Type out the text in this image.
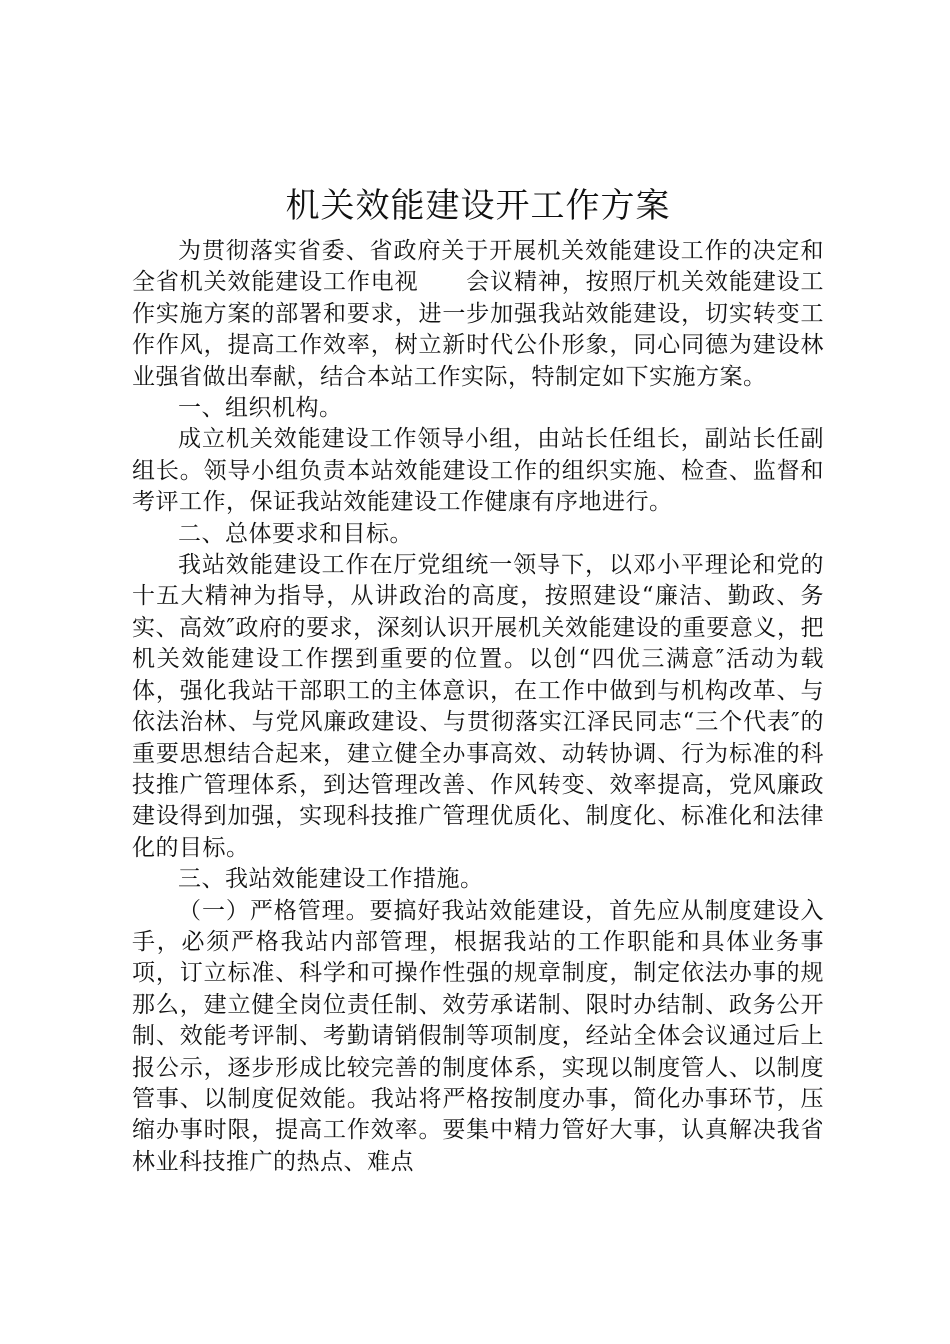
机关效能建设开工作方案

为贯彻落实省委、省政府关于开展机关效能建设工作的决定和全省机关效能建设工作电视　　会议精神，按照厅机关效能建设工作实施方案的部署和要求，进一步加强我站效能建设，切实转变工作作风，提高工作效率，树立新时代公仆形象，同心同德为建设林业强省做出奉献，结合本站工作实际，特制定如下实施方案。

一、组织机构。

成立机关效能建设工作领导小组，由站长任组长，副站长任副组长。领导小组负责本站效能建设工作的组织实施、检查、监督和考评工作，保证我站效能建设工作健康有序地进行。

二、总体要求和目标。

我站效能建设工作在厅党组统一领导下，以邓小平理论和党的十五大精神为指导，从讲政治的高度，按照建设“廉洁、勤政、务实、高效″政府的要求，深刻认识开展机关效能建设的重要意义，把机关效能建设工作摆到重要的位置。以创“四优三满意″活动为载体，强化我站干部职工的主体意识，在工作中做到与机构改革、与依法治林、与党风廉政建设、与贯彻落实江泽民同志“三个代表″的重要思想结合起来，建立健全办事高效、动转协调、行为标准的科技推广管理体系，到达管理改善、作风转变、效率提高，党风廉政建设得到加强，实现科技推广管理优质化、制度化、标准化和法律化的目标。

三、我站效能建设工作措施。

（一）严格管理。要搞好我站效能建设，首先应从制度建设入手，必须严格我站内部管理，根据我站的工作职能和具体业务事项，订立标准、科学和可操作性强的规章制度，制定依法办事的规那么，建立健全岗位责任制、效劳承诺制、限时办结制、政务公开制、效能考评制、考勤请销假制等项制度，经站全体会议通过后上报公示，逐步形成比较完善的制度体系，实现以制度管人、以制度管事、以制度促效能。我站将严格按制度办事，简化办事环节，压缩办事时限，提高工作效率。要集中精力管好大事，认真解决我省林业科技推广的热点、难点
